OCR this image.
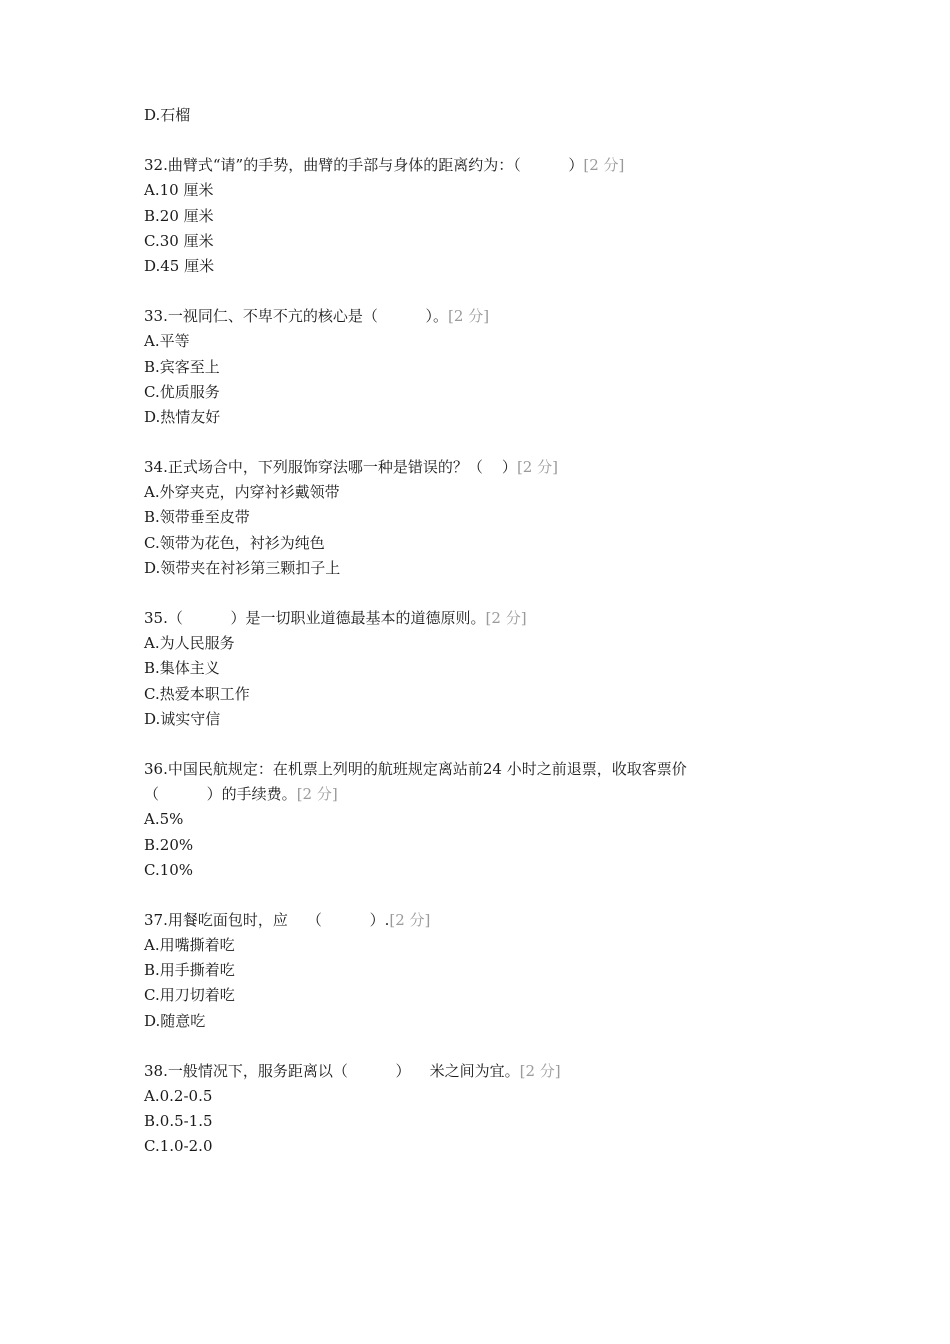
D.石榴
32.曲臂式“请”的手势，曲臂的手部与身体的距离约为：（          ）[2 分]
A.10 厘米
B.20 厘米
C.30 厘米
D.45 厘米
33.一视同仁、不卑不亢的核心是（          ）。[2 分]
A.平等
B.宾客至上
C.优质服务
D.热情友好
34.正式场合中，下列服饰穿法哪一种是错误的？（    ）[2 分]
A.外穿夹克，内穿衬衫戴领带
B.领带垂至皮带
C.领带为花色，衬衫为纯色
D.领带夹在衬衫第三颗扣子上
35.（          ）是一切职业道德最基本的道德原则。[2 分]
A.为人民服务
B.集体主义
C.热爱本职工作
D.诚实守信
36.中国民航规定：在机票上列明的航班规定离站前24 小时之前退票，收取客票价
（          ）的手续费。[2 分]
A.5%
B.20%
C.10%
37.用餐吃面包时，应    （          ）.[2 分]
A.用嘴撕着吃
B.用手撕着吃
C.用刀切着吃
D.随意吃
38.一般情况下，服务距离以（          ）    米之间为宜。[2 分]
A.0.2-0.5
B.0.5-1.5
C.1.0-2.0
